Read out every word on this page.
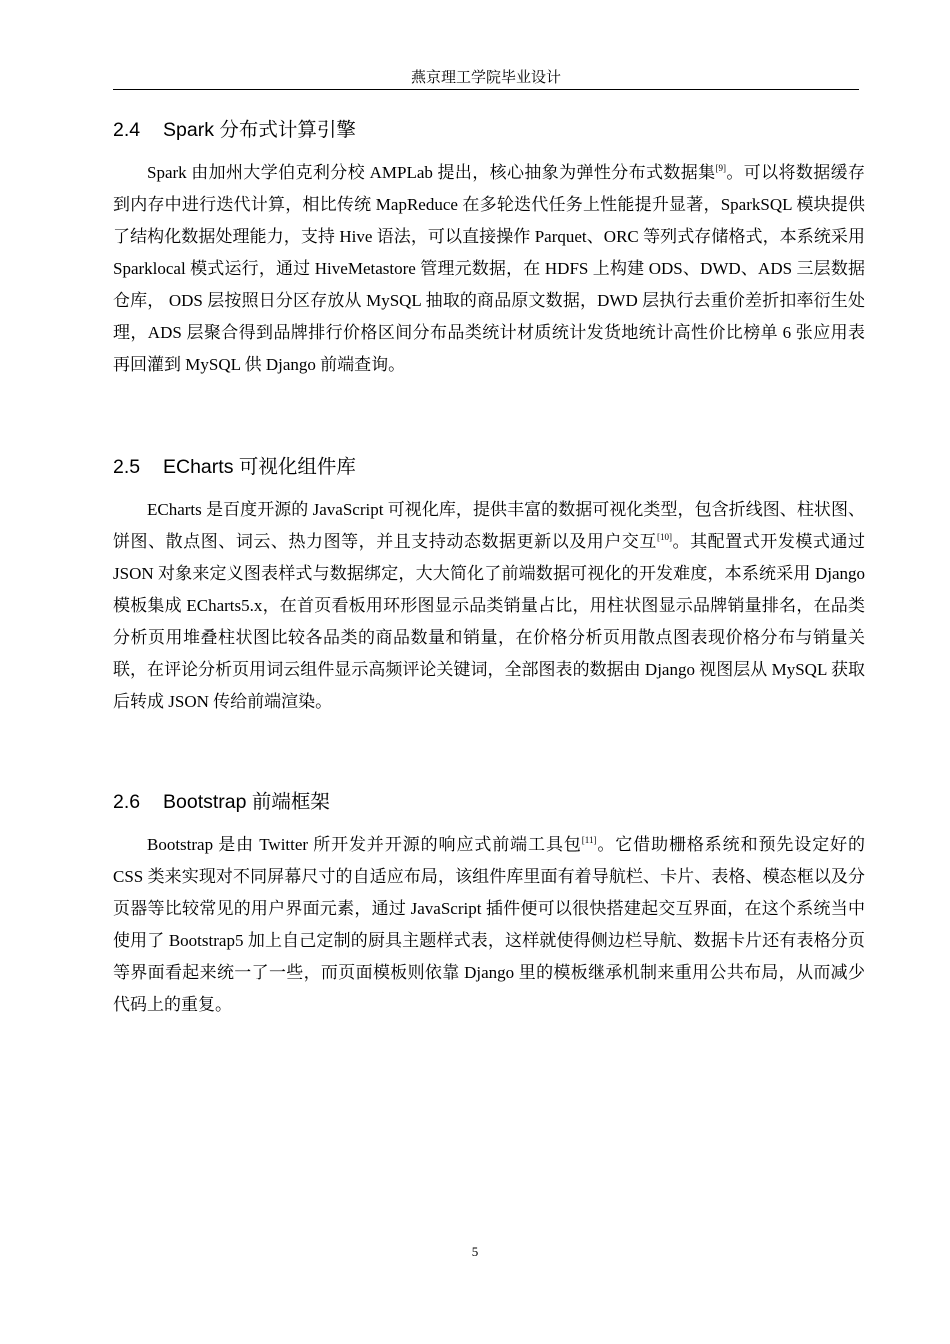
燕京理工学院毕业设计
2.4 Spark 分布式计算引擎

Spark 由加州大学伯克利分校 AMPLab 提出，核心抽象为弹性分布式数据集[9]。可以将数据缓存到内存中进行迭代计算，相比传统 MapReduce 在多轮迭代任务上性能提升显著，SparkSQL 模块提供了结构化数据处理能力，支持 Hive 语法，可以直接操作 Parquet、ORC 等列式存储格式，本系统采用 Sparklocal 模式运行，通过 HiveMetastore 管理元数据，在 HDFS 上构建 ODS、DWD、ADS 三层数据仓库， ODS 层按照日分区存放从 MySQL 抽取的商品原文数据，DWD 层执行去重价差折扣率衍生处理，ADS 层聚合得到品牌排行价格区间分布品类统计材质统计发货地统计高性价比榜单 6 张应用表再回灌到 MySQL 供 Django 前端查询。

2.5 ECharts 可视化组件库

ECharts 是百度开源的 JavaScript 可视化库，提供丰富的数据可视化类型，包含折线图、柱状图、饼图、散点图、词云、热力图等，并且支持动态数据更新以及用户交互[10]。其配置式开发模式通过 JSON 对象来定义图表样式与数据绑定，大大简化了前端数据可视化的开发难度，本系统采用 Django 模板集成 ECharts5.x，在首页看板用环形图显示品类销量占比，用柱状图显示品牌销量排名，在品类分析页用堆叠柱状图比较各品类的商品数量和销量，在价格分析页用散点图表现价格分布与销量关联，在评论分析页用词云组件显示高频评论关键词，全部图表的数据由 Django 视图层从 MySQL 获取后转成 JSON 传给前端渲染。

2.6 Bootstrap 前端框架

Bootstrap 是由 Twitter 所开发并开源的响应式前端工具包[11]。它借助栅格系统和预先设定好的 CSS 类来实现对不同屏幕尺寸的自适应布局，该组件库里面有着导航栏、卡片、表格、模态框以及分页器等比较常见的用户界面元素，通过 JavaScript 插件便可以很快搭建起交互界面，在这个系统当中使用了 Bootstrap5 加上自己定制的厨具主题样式表，这样就使得侧边栏导航、数据卡片还有表格分页等界面看起来统一了一些，而页面模板则依靠 Django 里的模板继承机制来重用公共布局，从而减少代码上的重复。

5
